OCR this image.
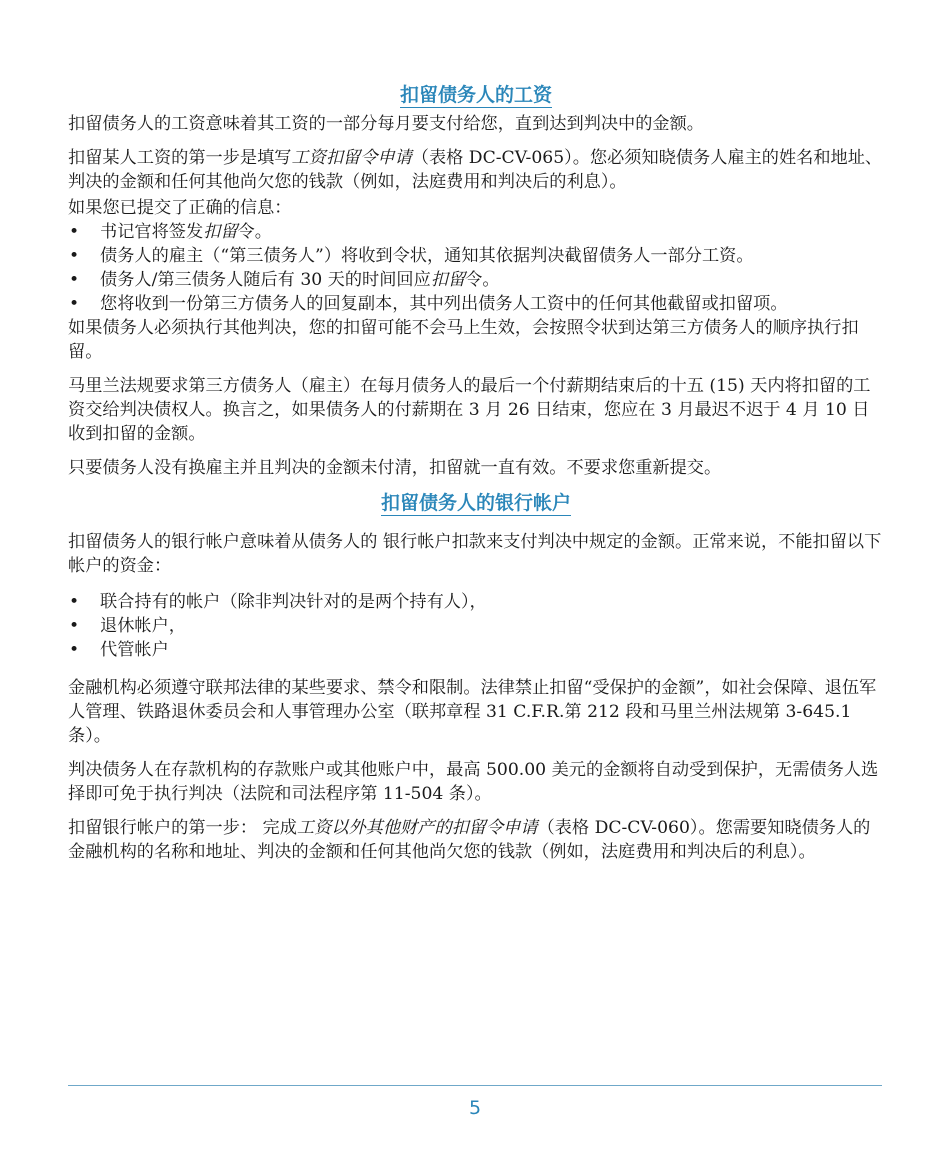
扣留债务人的工资

扣留债务人的工资意味着其工资的一部分每月要支付给您，直到达到判决中的金额。

扣留某人工资的第一步是填写工资扣留令申请（表格 DC-CV-065）。您必须知晓债务人雇主的姓名和地址、判决的金额和任何其他尚欠您的钱款（例如，法庭费用和判决后的利息）。

如果您已提交了正确的信息：

• 书记官将签发扣留令。
• 债务人的雇主（“第三债务人”）将收到令状，通知其依据判决截留债务人一部分工资。
• 债务人/第三债务人随后有 30 天的时间回应扣留令。
• 您将收到一份第三方债务人的回复副本，其中列出债务人工资中的任何其他截留或扣留项。

如果债务人必须执行其他判决，您的扣留可能不会马上生效，会按照令状到达第三方债务人的顺序执行扣留。

马里兰法规要求第三方债务人（雇主）在每月债务人的最后一个付薪期结束后的十五 (15) 天内将扣留的工资交给判决债权人。换言之，如果债务人的付薪期在 3 月 26 日结束，您应在 3 月最迟不迟于 4 月 10 日收到扣留的金额。

只要债务人没有换雇主并且判决的金额未付清，扣留就一直有效。不要求您重新提交。

扣留债务人的银行帐户

扣留债务人的银行帐户意味着从债务人的 银行帐户扣款来支付判决中规定的金额。正常来说，不能扣留以下帐户的资金：

• 联合持有的帐户（除非判决针对的是两个持有人），
• 退休帐户，
• 代管帐户

金融机构必须遵守联邦法律的某些要求、禁令和限制。法律禁止扣留“受保护的金额”，如社会保障、退伍军人管理、铁路退休委员会和人事管理办公室（联邦章程 31 C.F.R.第 212 段和马里兰州法规第 3-645.1 条）。

判决债务人在存款机构的存款账户或其他账户中，最高 500.00 美元的金额将自动受到保护，无需债务人选择即可免于执行判决（法院和司法程序第 11-504 条）。

扣留银行帐户的第一步： 完成工资以外其他财产的扣留令申请（表格 DC-CV-060）。您需要知晓债务人的金融机构的名称和地址、判决的金额和任何其他尚欠您的钱款（例如，法庭费用和判决后的利息）。

5
